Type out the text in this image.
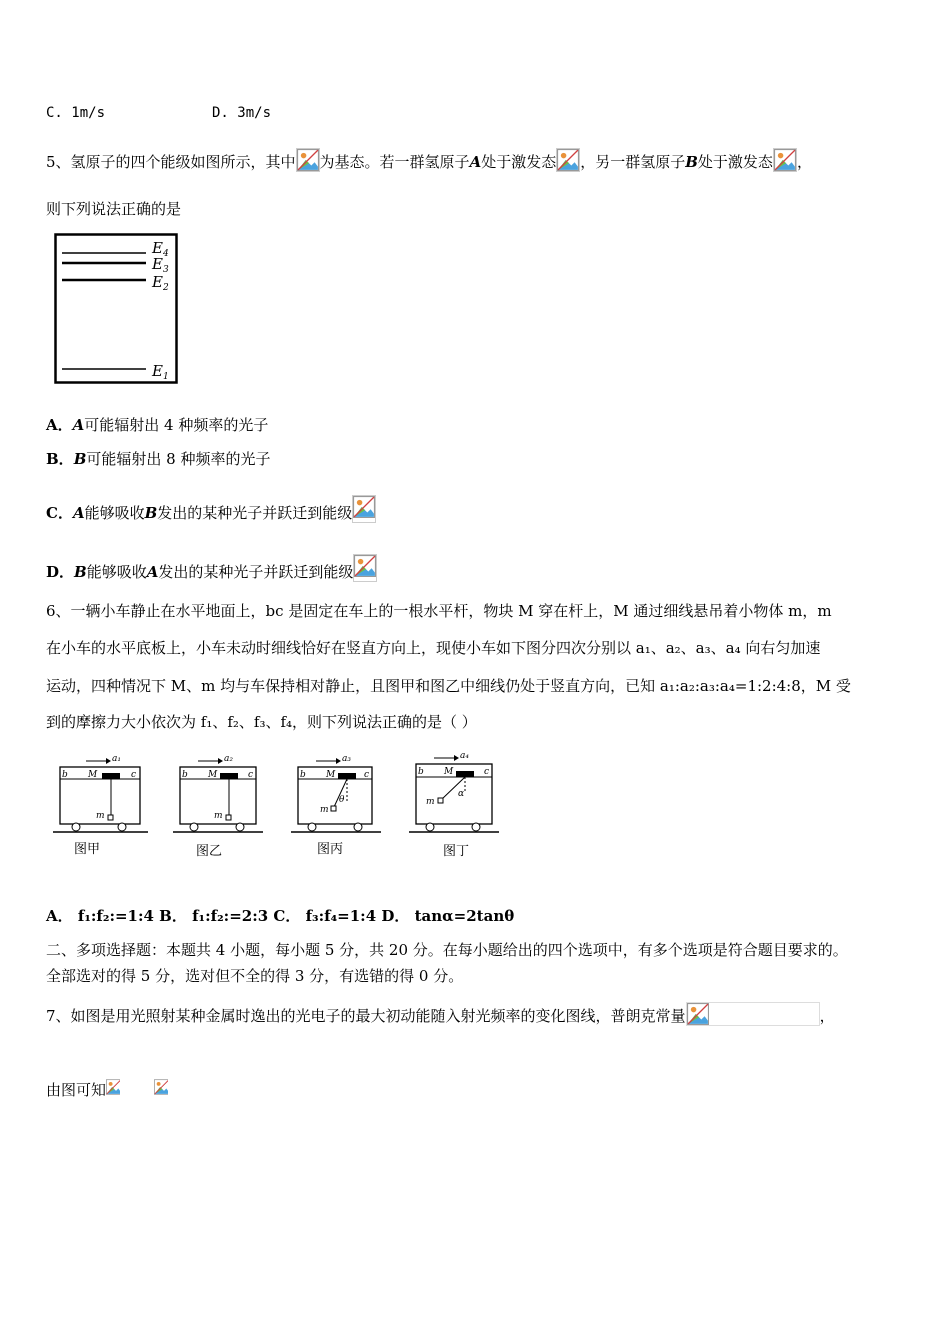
C. 1m/s	D. 3m/s
5、氢原子的四个能级如图所示，其中 为基态。若一群氢原子A处于激发态 ，另一群氢原子B处于激发态 ，
则下列说法正确的是
$E_4$
$E_3$
$E_2$
$E_1$
A．A可能辐射出 4 种频率的光子
B．B可能辐射出 8 种频率的光子
C．A能够吸收B发出的某种光子并跃迁到能级
D．B能够吸收A发出的某种光子并跃迁到能级
6、一辆小车静止在水平地面上，bc 是固定在车上的一根水平杆，物块 M 穿在杆上，M 通过细线悬吊着小物体 m，m
在小车的水平底板上，小车未动时细线恰好在竖直方向上，现使小车如下图分四次分别以 a₁、a₂、a₃、a₄ 向右匀加速
运动，四种情况下 M、m 均与车保持相对静止，且图甲和图乙中细线仍处于竖直方向，已知 a₁:a₂:a₃:a₄=1:2:4:8，M 受
到的摩擦力大小依次为 f₁、f₂、f₃、f₄，则下列说法正确的是（ ）
a₁
b	c
M
m
a₂
b	c
M
m
a₃
b	c
M
m
θ
a₄
b	c
M
m
α
图甲	图乙	图丙	图丁
A． f₁:f₂:=1:4 B． f₁:f₂:=2:3 C． f₃:f₄=1:4 D． tanα=2tanθ
二、多项选择题：本题共 4 小题，每小题 5 分，共 20 分。在每小题给出的四个选项中，有多个选项是符合题目要求的。
全部选对的得 5 分，选对但不全的得 3 分，有选错的得 0 分。
7、如图是用光照射某种金属时逸出的光电子的最大初动能随入射光频率的变化图线，普朗克常量	，
由图可知
